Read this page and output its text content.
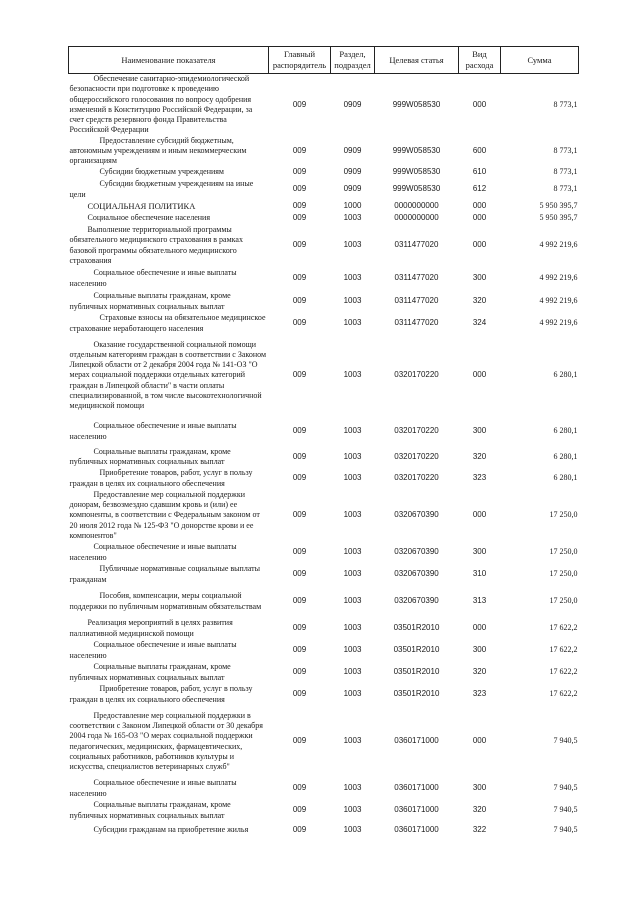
Наименование показателя	Главный распорядитель	Раздел, подраздел	Целевая статья	Вид расхода	Сумма
Обеспечение санитарно-эпидемиологической безопасности при подготовке к проведению общероссийского голосования по вопросу одобрения изменений в Конституцию Российской Федерации, за счет средств резервного фонда Правительства Российской Федерации	009	0909	999W058530	000	8 773,1
Предоставление субсидий бюджетным, автономным учреждениям и иным некоммерческим организациям	009	0909	999W058530	600	8 773,1
Субсидии бюджетным учреждениям	009	0909	999W058530	610	8 773,1
Субсидии бюджетным учреждениям на иные цели	009	0909	999W058530	612	8 773,1
СОЦИАЛЬНАЯ ПОЛИТИКА	009	1000	0000000000	000	5 950 395,7
Социальное обеспечение населения	009	1003	0000000000	000	5 950 395,7
Выполнение территориальной программы обязательного медицинского страхования в рамках базовой программы обязательного медицинского страхования	009	1003	0311477020	000	4 992 219,6
Социальное обеспечение и иные выплаты населению	009	1003	0311477020	300	4 992 219,6
Социальные выплаты гражданам, кроме публичных нормативных социальных выплат	009	1003	0311477020	320	4 992 219,6
Страховые взносы на обязательное медицинское страхование неработающего населения	009	1003	0311477020	324	4 992 219,6
Оказание государственной социальной помощи отдельным категориям граждан в соответствии с Законом Липецкой области от 2 декабря 2004 года № 141-ОЗ "О мерах социальной поддержки отдельных категорий граждан в Липецкой области" в части оплаты специализированной, в том числе высокотехнологичной медицинской помощи	009	1003	0320170220	000	6 280,1
Социальное обеспечение и иные выплаты населению	009	1003	0320170220	300	6 280,1
Социальные выплаты гражданам, кроме публичных нормативных социальных выплат	009	1003	0320170220	320	6 280,1
Приобретение товаров, работ, услуг в пользу граждан в целях их социального обеспечения	009	1003	0320170220	323	6 280,1
Предоставление мер социальной поддержки донорам, безвозмездно сдавшим кровь и (или) ее компоненты, в соответствии с Федеральным законом от 20 июля 2012 года № 125-ФЗ "О донорстве крови и ее компонентов"	009	1003	0320670390	000	17 250,0
Социальное обеспечение и иные выплаты населению	009	1003	0320670390	300	17 250,0
Публичные нормативные социальные выплаты гражданам	009	1003	0320670390	310	17 250,0
Пособия, компенсации, меры социальной поддержки по публичным нормативным обязательствам	009	1003	0320670390	313	17 250,0
Реализация мероприятий в целях развития паллиативной медицинской помощи	009	1003	03501R2010	000	17 622,2
Социальное обеспечение и иные выплаты населению	009	1003	03501R2010	300	17 622,2
Социальные выплаты гражданам, кроме публичных нормативных социальных выплат	009	1003	03501R2010	320	17 622,2
Приобретение товаров, работ, услуг в пользу граждан в целях их социального обеспечения	009	1003	03501R2010	323	17 622,2
Предоставление мер социальной поддержки в соответствии с Законом Липецкой области от 30 декабря 2004 года № 165-ОЗ "О мерах социальной поддержки педагогических, медицинских, фармацевтических, социальных работников, работников культуры и искусства, специалистов ветеринарных служб"	009	1003	0360171000	000	7 940,5
Социальное обеспечение и иные выплаты населению	009	1003	0360171000	300	7 940,5
Социальные выплаты гражданам, кроме публичных нормативных социальных выплат	009	1003	0360171000	320	7 940,5
Субсидии гражданам на приобретение жилья	009	1003	0360171000	322	7 940,5
